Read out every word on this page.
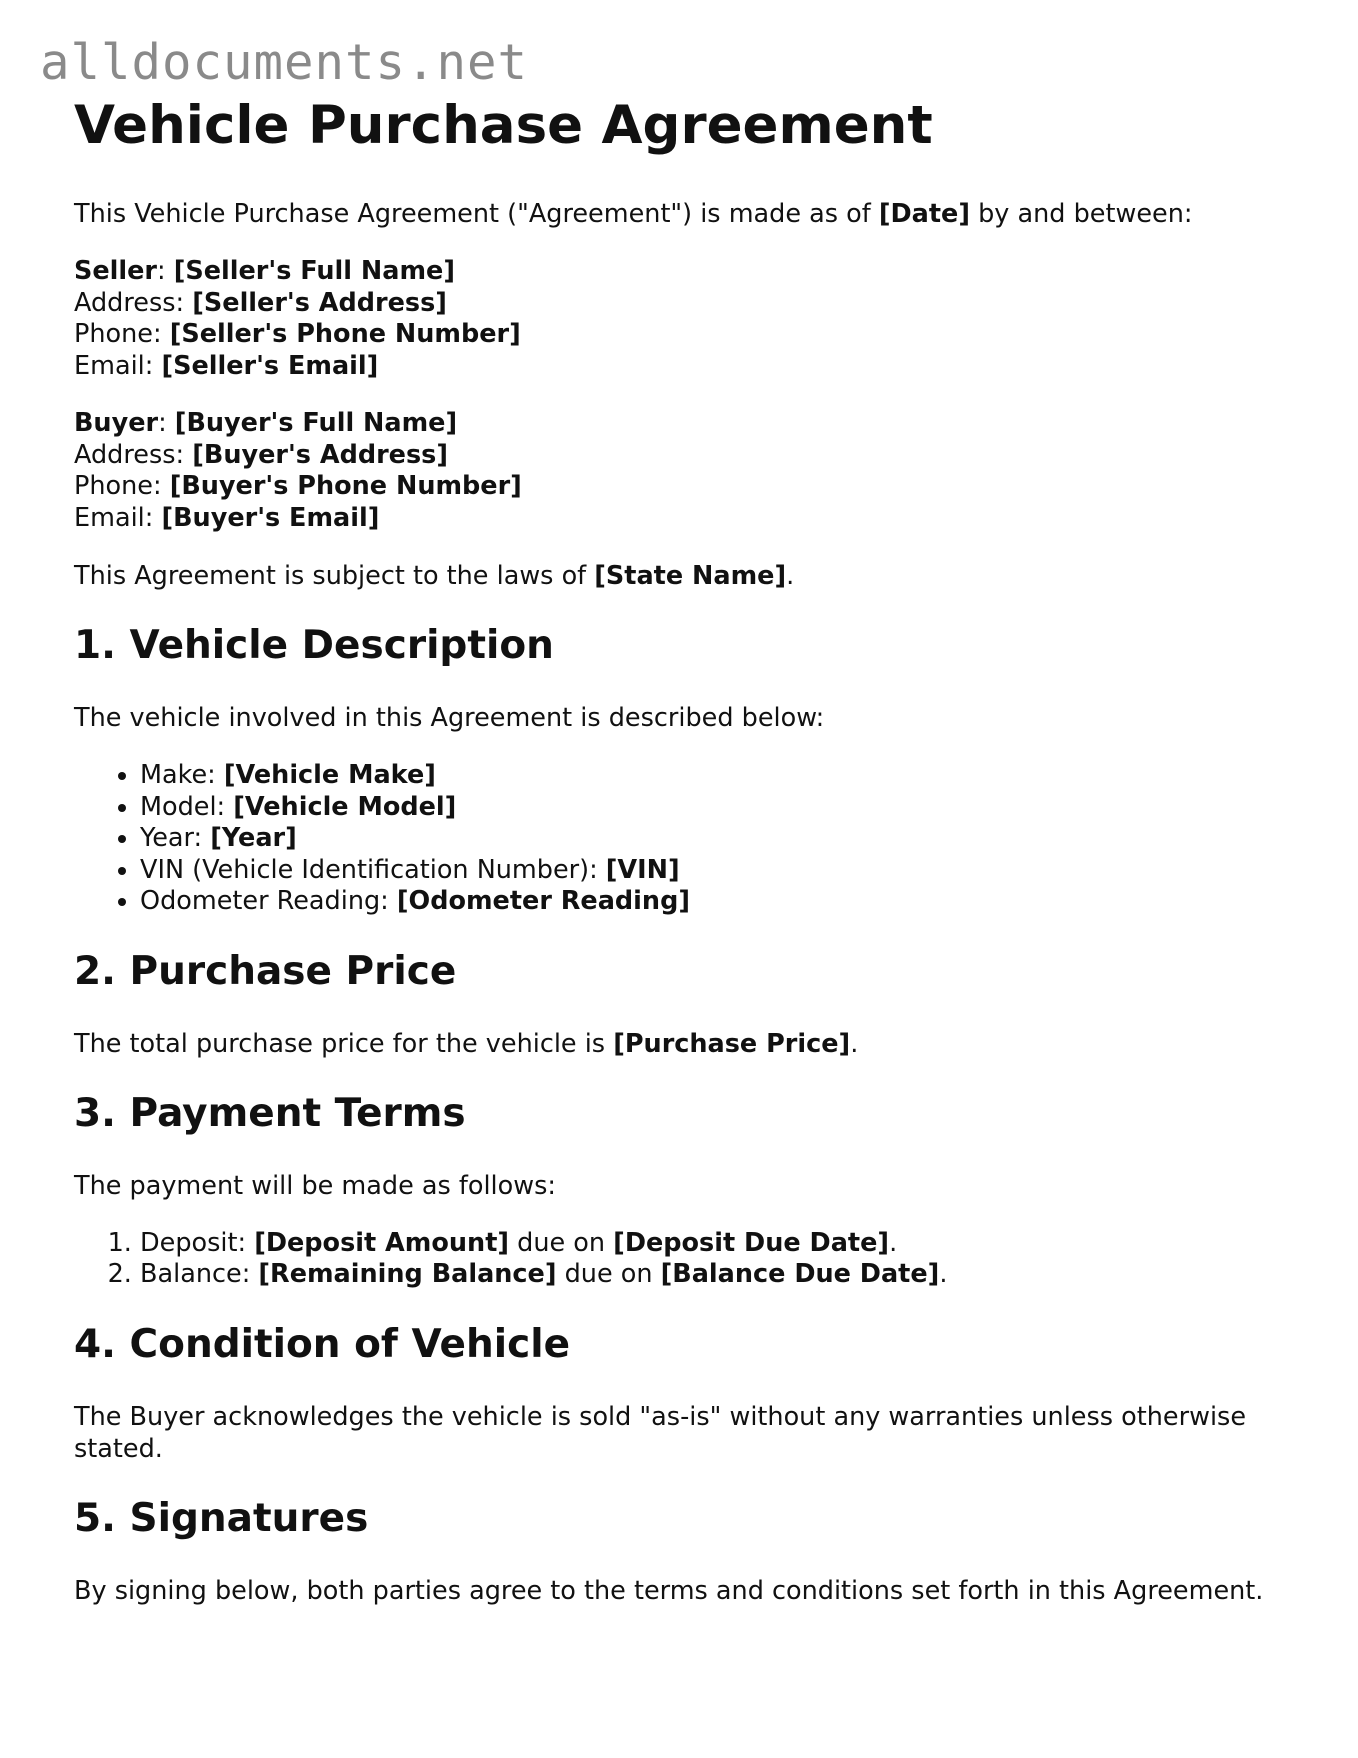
alldocuments.net
Vehicle Purchase Agreement

This Vehicle Purchase Agreement ("Agreement") is made as of [Date] by and between:

Seller: [Seller's Full Name]
Address: [Seller's Address]
Phone: [Seller's Phone Number]
Email: [Seller's Email]
Buyer: [Buyer's Full Name]
Address: [Buyer's Address]
Phone: [Buyer's Phone Number]
Email: [Buyer's Email]

This Agreement is subject to the laws of [State Name].

1. Vehicle Description

The vehicle involved in this Agreement is described below:

• Make: [Vehicle Make]
• Model: [Vehicle Model]
• Year: [Year]
• VIN (Vehicle Identification Number): [VIN]
• Odometer Reading: [Odometer Reading]
2. Purchase Price

The total purchase price for the vehicle is [Purchase Price].

3. Payment Terms

The payment will be made as follows:

1. Deposit: [Deposit Amount] due on [Deposit Due Date].
2. Balance: [Remaining Balance] due on [Balance Due Date].
4. Condition of Vehicle

The Buyer acknowledges the vehicle is sold "as-is" without any warranties unless otherwise stated.

5. Signatures

By signing below, both parties agree to the terms and conditions set forth in this Agreement.
